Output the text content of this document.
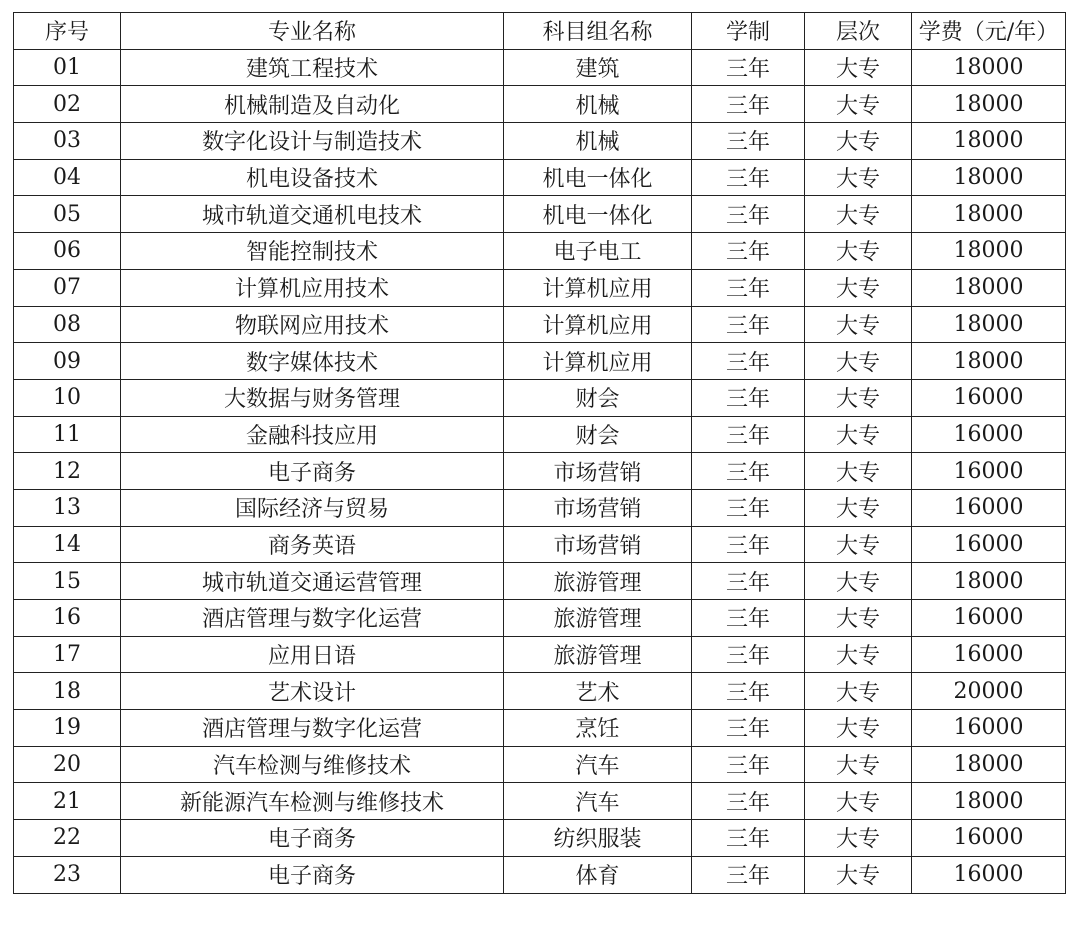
序号	专业名称	科目组名称	学制	层次	学费（元/年）
01	建筑工程技术	建筑	三年	大专	18000
02	机械制造及自动化	机械	三年	大专	18000
03	数字化设计与制造技术	机械	三年	大专	18000
04	机电设备技术	机电一体化	三年	大专	18000
05	城市轨道交通机电技术	机电一体化	三年	大专	18000
06	智能控制技术	电子电工	三年	大专	18000
07	计算机应用技术	计算机应用	三年	大专	18000
08	物联网应用技术	计算机应用	三年	大专	18000
09	数字媒体技术	计算机应用	三年	大专	18000
10	大数据与财务管理	财会	三年	大专	16000
11	金融科技应用	财会	三年	大专	16000
12	电子商务	市场营销	三年	大专	16000
13	国际经济与贸易	市场营销	三年	大专	16000
14	商务英语	市场营销	三年	大专	16000
15	城市轨道交通运营管理	旅游管理	三年	大专	18000
16	酒店管理与数字化运营	旅游管理	三年	大专	16000
17	应用日语	旅游管理	三年	大专	16000
18	艺术设计	艺术	三年	大专	20000
19	酒店管理与数字化运营	烹饪	三年	大专	16000
20	汽车检测与维修技术	汽车	三年	大专	18000
21	新能源汽车检测与维修技术	汽车	三年	大专	18000
22	电子商务	纺织服装	三年	大专	16000
23	电子商务	体育	三年	大专	16000
